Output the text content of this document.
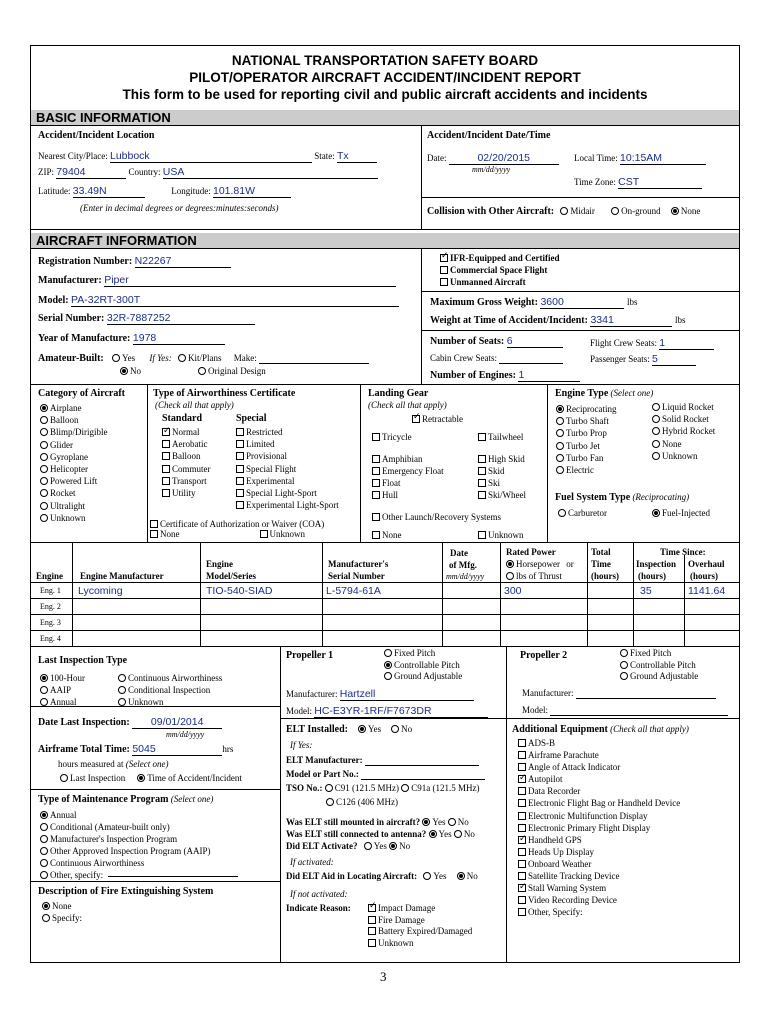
NATIONAL TRANSPORTATION SAFETY BOARD
PILOT/OPERATOR AIRCRAFT ACCIDENT/INCIDENT REPORT
This form to be used for reporting civil and public aircraft accidents and incidents
BASIC INFORMATION
Accident/Incident Location
Nearest City/Place: Lubbock	State: Tx
ZIP: 79404	Country: USA
Latitude: 33.49N	Longitude: 101.81W
(Enter in decimal degrees or degrees:minutes:seconds)
Accident/Incident Date/Time
Date:	02/20/2015
mm/dd/yyyy
Local Time: 10:15AM
Time Zone: CST
Collision with Other Aircraft: Midair	On-ground None
AIRCRAFT INFORMATION
Registration Number: N22267
Manufacturer: Piper
Model: PA-32RT-300T
Serial Number: 32R-7887252
Year of Manufacture: 1978
Amateur-Built: Yes If Yes: Kit/Plans Make:
No	Original Design
✓IFR-Equipped and Certified
Commercial Space Flight
Unmanned Aircraft
Maximum Gross Weight: 3600	lbs
Weight at Time of Accident/Incident: 3341	lbs
Number of Seats: 6	Flight Crew Seats: 1
Cabin Crew Seats:	Passenger Seats: 5
Number of Engines: 1
Category of Aircraft
Airplane
Balloon
Blimp/Dirigible
Glider
Gyroplane
Helicopter
Powered Lift
Rocket
Ultralight
Unknown
Type of Airworthiness Certificate
(Check all that apply)
Standard	Special
✓Normal
Aerobatic
Balloon
Commuter
Transport
Utility
Restricted
Limited
Provisional
Special Flight
Experimental
Special Light-Sport
Experimental Light-Sport
Certificate of Authorization or Waiver (COA)
None	Unknown
Landing Gear
(Check all that apply)
✓Retractable
Tricycle	Tailwheel
Amphibian	High Skid
Emergency Float	Skid
Float	Ski
Hull	Ski/Wheel
Other Launch/Recovery Systems
None	Unknown
Engine Type (Select one)
Reciprocating
Turbo Shaft
Turbo Prop
Turbo Jet
Turbo Fan
Electric
Liquid Rocket
Solid Rocket
Hybrid Rocket
None
Unknown
Fuel System Type (Reciprocating)
Carburetor	Fuel-Injected
Engine Engine Manufacturer
Engine
Model/Series
Manufacturer's
Serial Number
Date
of Mfg.
mm/dd/yyyy
Rated Power
Horsepower or
lbs of Thrust
Total
Time
(hours)
Time Since:
Inspection
(hours)
Overhaul
(hours)
Eng. 1 Lycoming	TIO-540-SIAD	L-5794-61A	300	35	1141.64
Eng. 2
Eng. 3
Eng. 4
Last Inspection Type
100-Hour
AAIP
Annual
Continuous Airworthiness
Conditional Inspection
Unknown
Date Last Inspection: 09/01/2014
mm/dd/yyyy
Airframe Total Time: 5045	hrs
hours measured at (Select one)
Last Inspection Time of Accident/Incident
Type of Maintenance Program (Select one)
Annual
Conditional (Amateur-built only)
Manufacturer's Inspection Program
Other Approved Inspection Program (AAIP)
Continuous Airworthiness
Other, specify:
Description of Fire Extinguishing System
None
Specify:
Propeller 1	Fixed Pitch
Controllable Pitch
Ground Adjustable
Manufacturer: Hartzell
Model: HC-E3YR-1RF/F7673DR
Propeller 2	Fixed Pitch
Controllable Pitch
Ground Adjustable
Manufacturer:
Model:
ELT Installed: Yes No
If Yes:
ELT Manufacturer:
Model or Part No.:
TSO No.: C91 (121.5 MHz) C91a (121.5 MHz)
C126 (406 MHz)
Was ELT still mounted in aircraft? Yes No
Was ELT still connected to antenna? Yes No
Did ELT Activate? Yes No
If activated:
Did ELT Aid in Locating Aircraft: Yes No
If not activated:
Indicate Reason:
✓	Impact Damage
Fire Damage
Battery Expired/Damaged
Unknown
Additional Equipment (Check all that apply)
ADS-B
Airframe Parachute
Angle of Attack Indicator
✓Autopilot
Data Recorder
Electronic Flight Bag or Handheld Device
Electronic Multifunction Display
Electronic Primary Flight Display
✓Handheld GPS
Heads Up Display
Onboard Weather
Satellite Tracking Device
✓Stall Warning System
Video Recording Device
Other, Specify:
3
